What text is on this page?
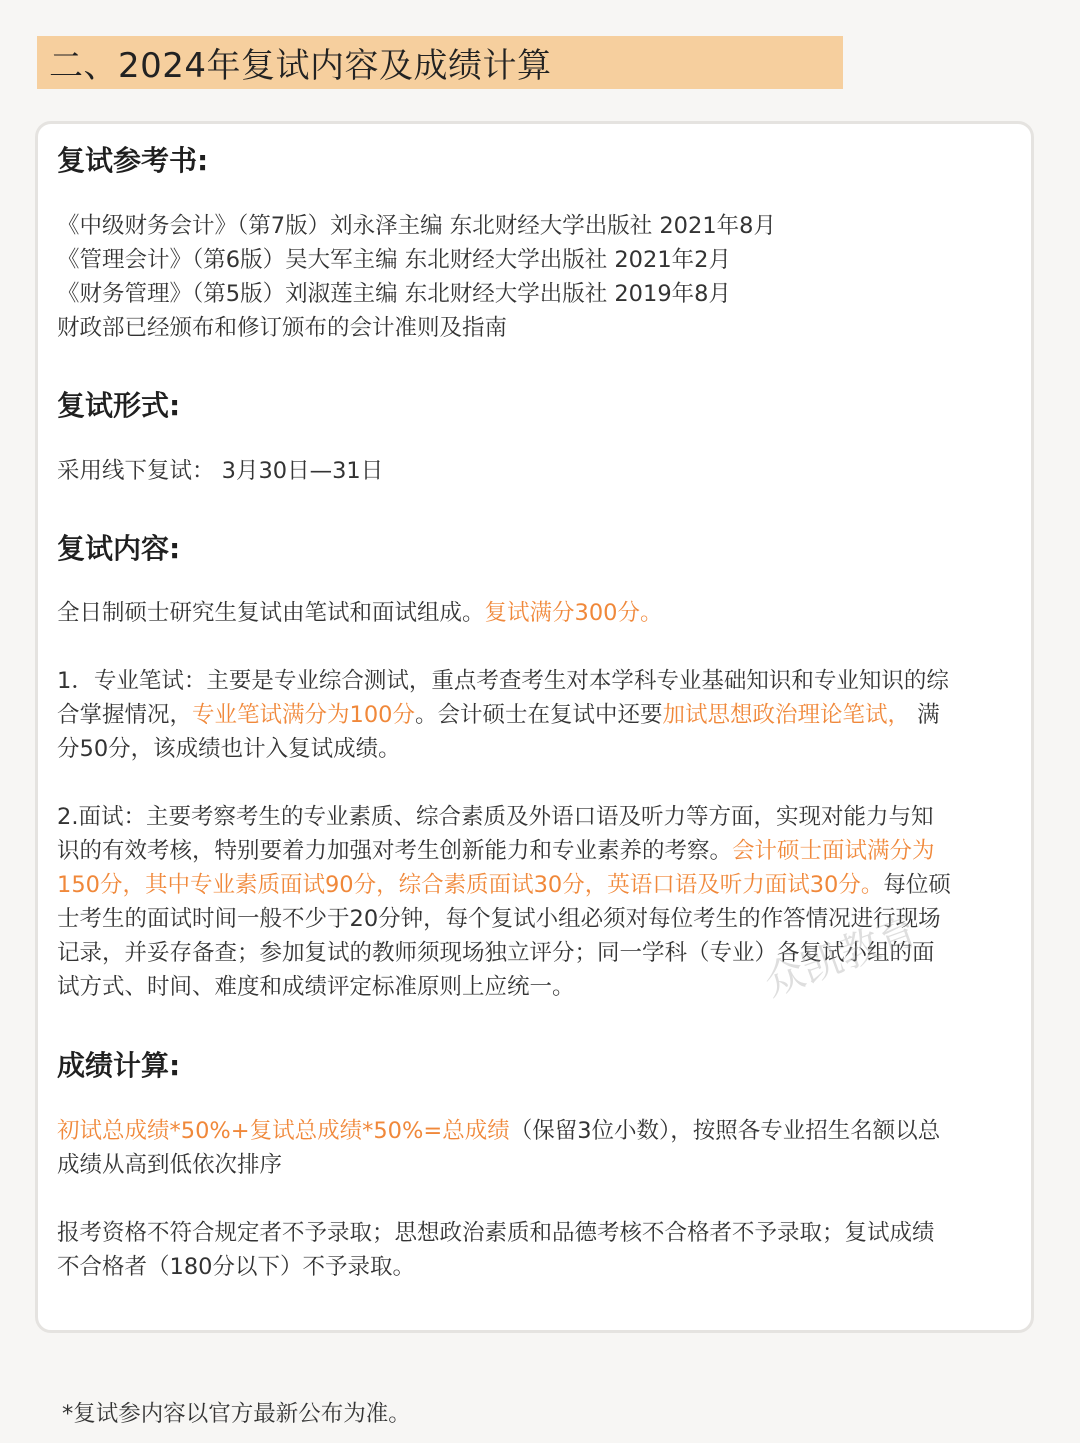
二、2024年复试内容及成绩计算
复试参考书:
《中级财务会计》（第7版）刘永泽主编 东北财经大学出版社 2021年8月
《管理会计》（第6版）吴大军主编 东北财经大学出版社 2021年2月
《财务管理》（第5版）刘淑莲主编 东北财经大学出版社 2019年8月
财政部已经颁布和修订颁布的会计准则及指南
复试形式:
采用线下复试： 3月30日—31日
复试内容:
全日制硕士研究生复试由笔试和面试组成。复试满分300分。
1．专业笔试：主要是专业综合测试，重点考查考生对本学科专业基础知识和专业知识的综
合掌握情况，专业笔试满分为100分。会计硕士在复试中还要加试思想政治理论笔试， 满
分50分，该成绩也计入复试成绩。
2.面试：主要考察考生的专业素质、综合素质及外语口语及听力等方面，实现对能力与知
识的有效考核，特别要着力加强对考生创新能力和专业素养的考察。会计硕士面试满分为
150分，其中专业素质面试90分，综合素质面试30分，英语口语及听力面试30分。每位硕
士考生的面试时间一般不少于20分钟，每个复试小组必须对每位考生的作答情况进行现场
记录，并妥存备查；参加复试的教师须现场独立评分；同一学科（专业）各复试小组的面
试方式、时间、难度和成绩评定标准原则上应统一。	众凯教育
成绩计算:
初试总成绩*50%+复试总成绩*50%=总成绩（保留3位小数），按照各专业招生名额以总
成绩从高到低依次排序
报考资格不符合规定者不予录取；思想政治素质和品德考核不合格者不予录取；复试成绩
不合格者（180分以下）不予录取。
*复试参内容以官方最新公布为准。
